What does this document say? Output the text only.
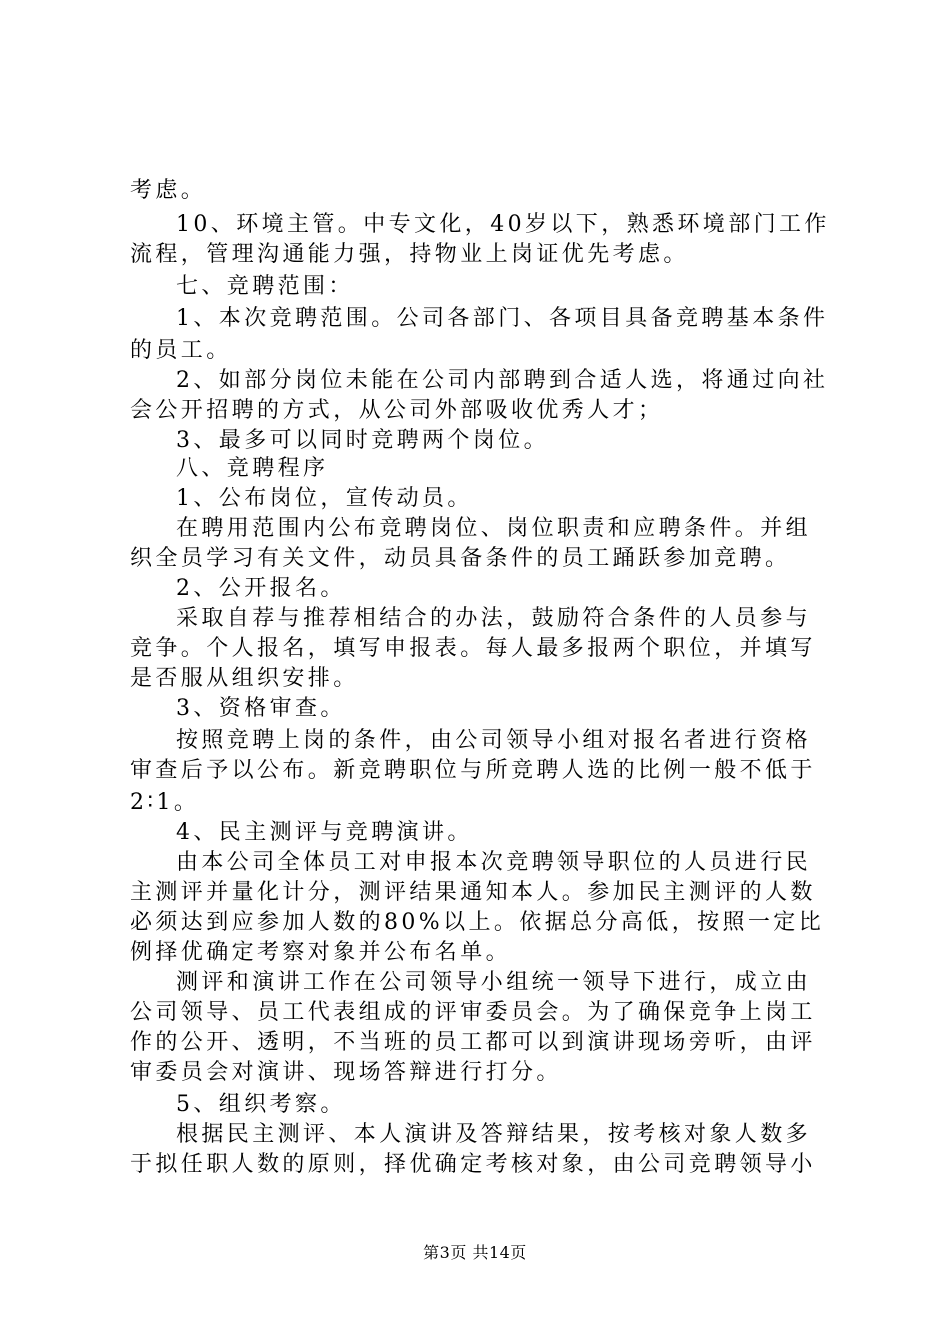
考虑。
10、环境主管。中专文化，40岁以下，熟悉环境部门工作
流程，管理沟通能力强，持物业上岗证优先考虑。
七、竞聘范围：
1、本次竞聘范围。公司各部门、各项目具备竞聘基本条件
的员工。
2、如部分岗位未能在公司内部聘到合适人选，将通过向社
会公开招聘的方式，从公司外部吸收优秀人才；
3、最多可以同时竞聘两个岗位。
八、竞聘程序
1、公布岗位，宣传动员。
在聘用范围内公布竞聘岗位、岗位职责和应聘条件。并组
织全员学习有关文件，动员具备条件的员工踊跃参加竞聘。
2、公开报名。
采取自荐与推荐相结合的办法，鼓励符合条件的人员参与
竞争。个人报名，填写申报表。每人最多报两个职位，并填写
是否服从组织安排。
3、资格审查。
按照竞聘上岗的条件，由公司领导小组对报名者进行资格
审查后予以公布。新竞聘职位与所竞聘人选的比例一般不低于
2∶1。
4、民主测评与竞聘演讲。
由本公司全体员工对申报本次竞聘领导职位的人员进行民
主测评并量化计分，测评结果通知本人。参加民主测评的人数
必须达到应参加人数的80%以上。依据总分高低，按照一定比
例择优确定考察对象并公布名单。
测评和演讲工作在公司领导小组统一领导下进行，成立由
公司领导、员工代表组成的评审委员会。为了确保竞争上岗工
作的公开、透明，不当班的员工都可以到演讲现场旁听，由评
审委员会对演讲、现场答辩进行打分。
5、组织考察。
根据民主测评、本人演讲及答辩结果，按考核对象人数多
于拟任职人数的原则，择优确定考核对象，由公司竞聘领导小
第3页 共14页
